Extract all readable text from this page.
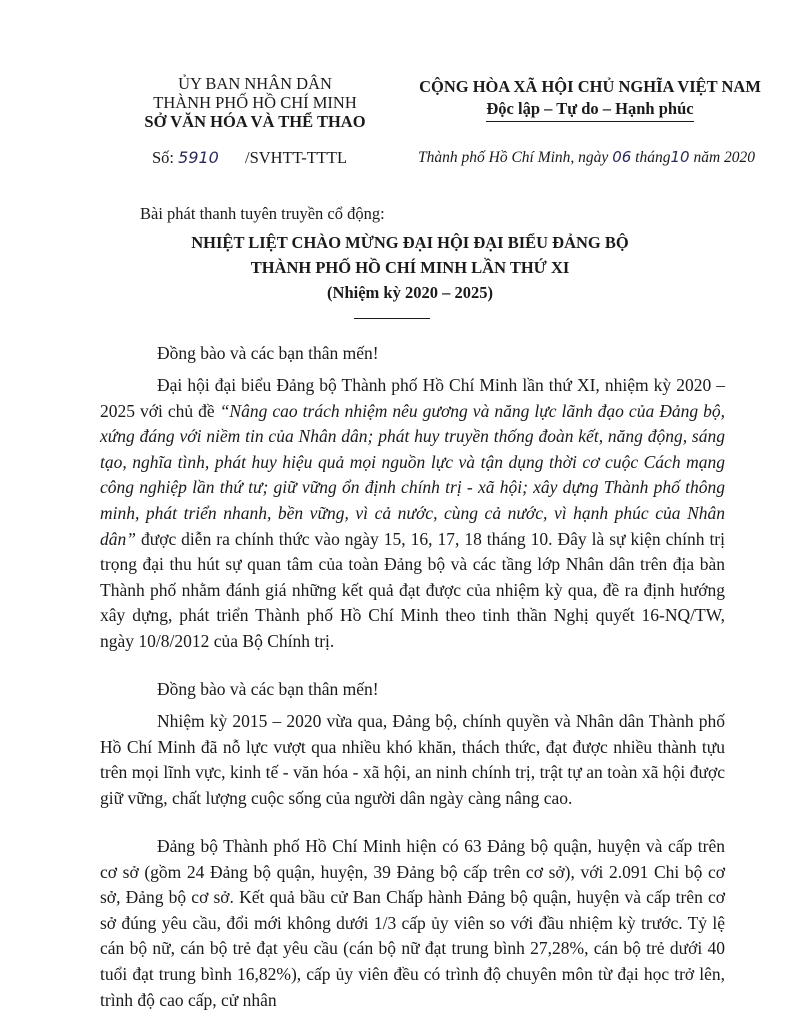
ỦY BAN NHÂN DÂN
THÀNH PHỐ HỒ CHÍ MINH
SỞ VĂN HÓA VÀ THỂ THAO
CỘNG HÒA XÃ HỘI CHỦ NGHĨA VIỆT NAM
Độc lập – Tự do – Hạnh phúc
Số: 5910 /SVHTT-TTTL	Thành phố Hồ Chí Minh, ngày 06 tháng10 năm 2020
Bài phát thanh tuyên truyền cổ động:
NHIỆT LIỆT CHÀO MỪNG ĐẠI HỘI ĐẠI BIỂU ĐẢNG BỘ
THÀNH PHỐ HỒ CHÍ MINH LẦN THỨ XI
(Nhiệm kỳ 2020 – 2025)

Đồng bào và các bạn thân mến!

Đại hội đại biểu Đảng bộ Thành phố Hồ Chí Minh lần thứ XI, nhiệm kỳ 2020 – 2025 với chủ đề “Nâng cao trách nhiệm nêu gương và năng lực lãnh đạo của Đảng bộ, xứng đáng với niềm tin của Nhân dân; phát huy truyền thống đoàn kết, năng động, sáng tạo, nghĩa tình, phát huy hiệu quả mọi nguồn lực và tận dụng thời cơ cuộc Cách mạng công nghiệp lần thứ tư; giữ vững ổn định chính trị - xã hội; xây dựng Thành phố thông minh, phát triển nhanh, bền vững, vì cả nước, cùng cả nước, vì hạnh phúc của Nhân dân” được diễn ra chính thức vào ngày 15, 16, 17, 18 tháng 10. Đây là sự kiện chính trị trọng đại thu hút sự quan tâm của toàn Đảng bộ và các tầng lớp Nhân dân trên địa bàn Thành phố nhằm đánh giá những kết quả đạt được của nhiệm kỳ qua, đề ra định hướng xây dựng, phát triển Thành phố Hồ Chí Minh theo tinh thần Nghị quyết 16-NQ/TW, ngày 10/8/2012 của Bộ Chính trị.

Đồng bào và các bạn thân mến!

Nhiệm kỳ 2015 – 2020 vừa qua, Đảng bộ, chính quyền và Nhân dân Thành phố Hồ Chí Minh đã nỗ lực vượt qua nhiều khó khăn, thách thức, đạt được nhiều thành tựu trên mọi lĩnh vực, kinh tế - văn hóa - xã hội, an ninh chính trị, trật tự an toàn xã hội được giữ vững, chất lượng cuộc sống của người dân ngày càng nâng cao.

Đảng bộ Thành phố Hồ Chí Minh hiện có 63 Đảng bộ quận, huyện và cấp trên cơ sở (gồm 24 Đảng bộ quận, huyện, 39 Đảng bộ cấp trên cơ sở), với 2.091 Chi bộ cơ sở, Đảng bộ cơ sở. Kết quả bầu cử Ban Chấp hành Đảng bộ quận, huyện và cấp trên cơ sở đúng yêu cầu, đổi mới không dưới 1/3 cấp ủy viên so với đầu nhiệm kỳ trước. Tỷ lệ cán bộ nữ, cán bộ trẻ đạt yêu cầu (cán bộ nữ đạt trung bình 27,28%, cán bộ trẻ dưới 40 tuổi đạt trung bình 16,82%), cấp ủy viên đều có trình độ chuyên môn từ đại học trở lên, trình độ cao cấp, cử nhân
